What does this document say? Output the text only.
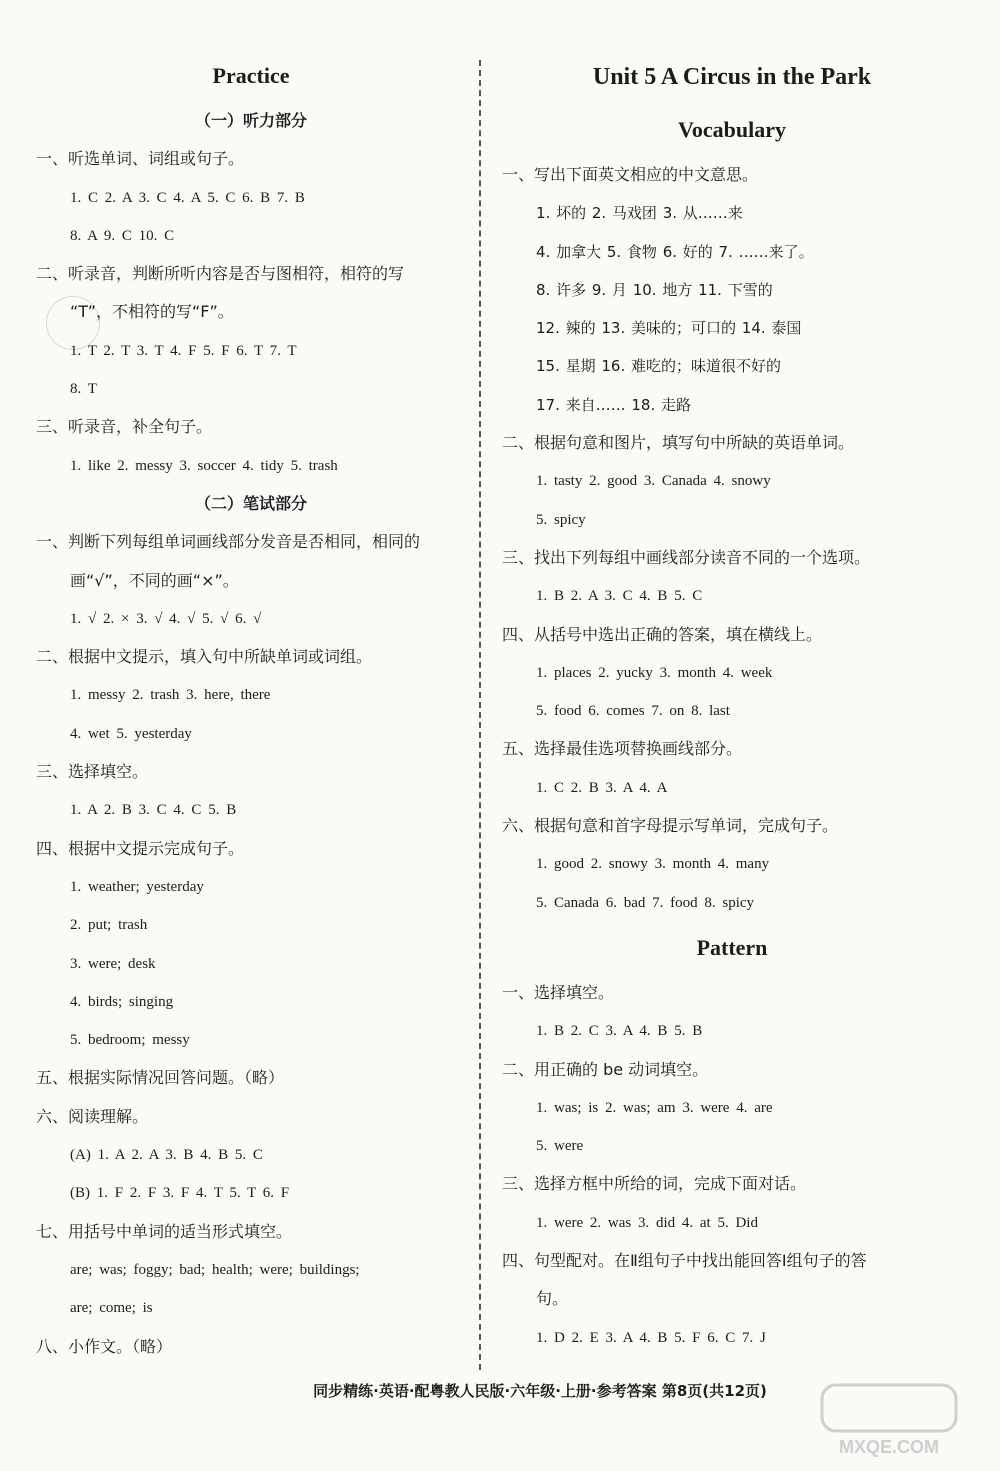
Practice
（一）听力部分
一、听选单词、词组或句子。
1. C 2. A 3. C 4. A 5. C 6. B 7. B
8. A 9. C 10. C
二、听录音，判断所听内容是否与图相符，相符的写
“T”，不相符的写“F”。
1. T 2. T 3. T 4. F 5. F 6. T 7. T
8. T
三、听录音，补全句子。
1. like 2. messy 3. soccer 4. tidy 5. trash
（二）笔试部分
一、判断下列每组单词画线部分发音是否相同，相同的
画“√”，不同的画“×”。
1. √ 2. × 3. √ 4. √ 5. √ 6. √
二、根据中文提示，填入句中所缺单词或词组。
1. messy 2. trash 3. here, there
4. wet 5. yesterday
三、选择填空。
1. A 2. B 3. C 4. C 5. B
四、根据中文提示完成句子。
1. weather; yesterday
2. put; trash
3. were; desk
4. birds; singing
5. bedroom; messy
五、根据实际情况回答问题。（略）
六、阅读理解。
(A) 1. A 2. A 3. B 4. B 5. C
(B) 1. F 2. F 3. F 4. T 5. T 6. F
七、用括号中单词的适当形式填空。
are; was; foggy; bad; health; were; buildings;
are; come; is
八、小作文。（略）
Unit 5 A Circus in the Park
Vocabulary
一、写出下面英文相应的中文意思。
1. 坏的 2. 马戏团 3. 从……来
4. 加拿大 5. 食物 6. 好的 7. ……来了。
8. 许多 9. 月 10. 地方 11. 下雪的
12. 辣的 13. 美味的；可口的 14. 泰国
15. 星期 16. 难吃的；味道很不好的
17. 来自…… 18. 走路
二、根据句意和图片，填写句中所缺的英语单词。
1. tasty 2. good 3. Canada 4. snowy
5. spicy
三、找出下列每组中画线部分读音不同的一个选项。
1. B 2. A 3. C 4. B 5. C
四、从括号中选出正确的答案，填在横线上。
1. places 2. yucky 3. month 4. week
5. food 6. comes 7. on 8. last
五、选择最佳选项替换画线部分。
1. C 2. B 3. A 4. A
六、根据句意和首字母提示写单词，完成句子。
1. good 2. snowy 3. month 4. many
5. Canada 6. bad 7. food 8. spicy
Pattern
一、选择填空。
1. B 2. C 3. A 4. B 5. B
二、用正确的 be 动词填空。
1. was; is 2. was; am 3. were 4. are
5. were
三、选择方框中所给的词，完成下面对话。
1. were 2. was 3. did 4. at 5. Did
四、句型配对。在Ⅱ组句子中找出能回答Ⅰ组句子的答
句。
1. D 2. E 3. A 4. B 5. F 6. C 7. J
同步精练·英语·配粤教人民版·六年级·上册·参考答案 第8页(共12页)
MXQE.COM
